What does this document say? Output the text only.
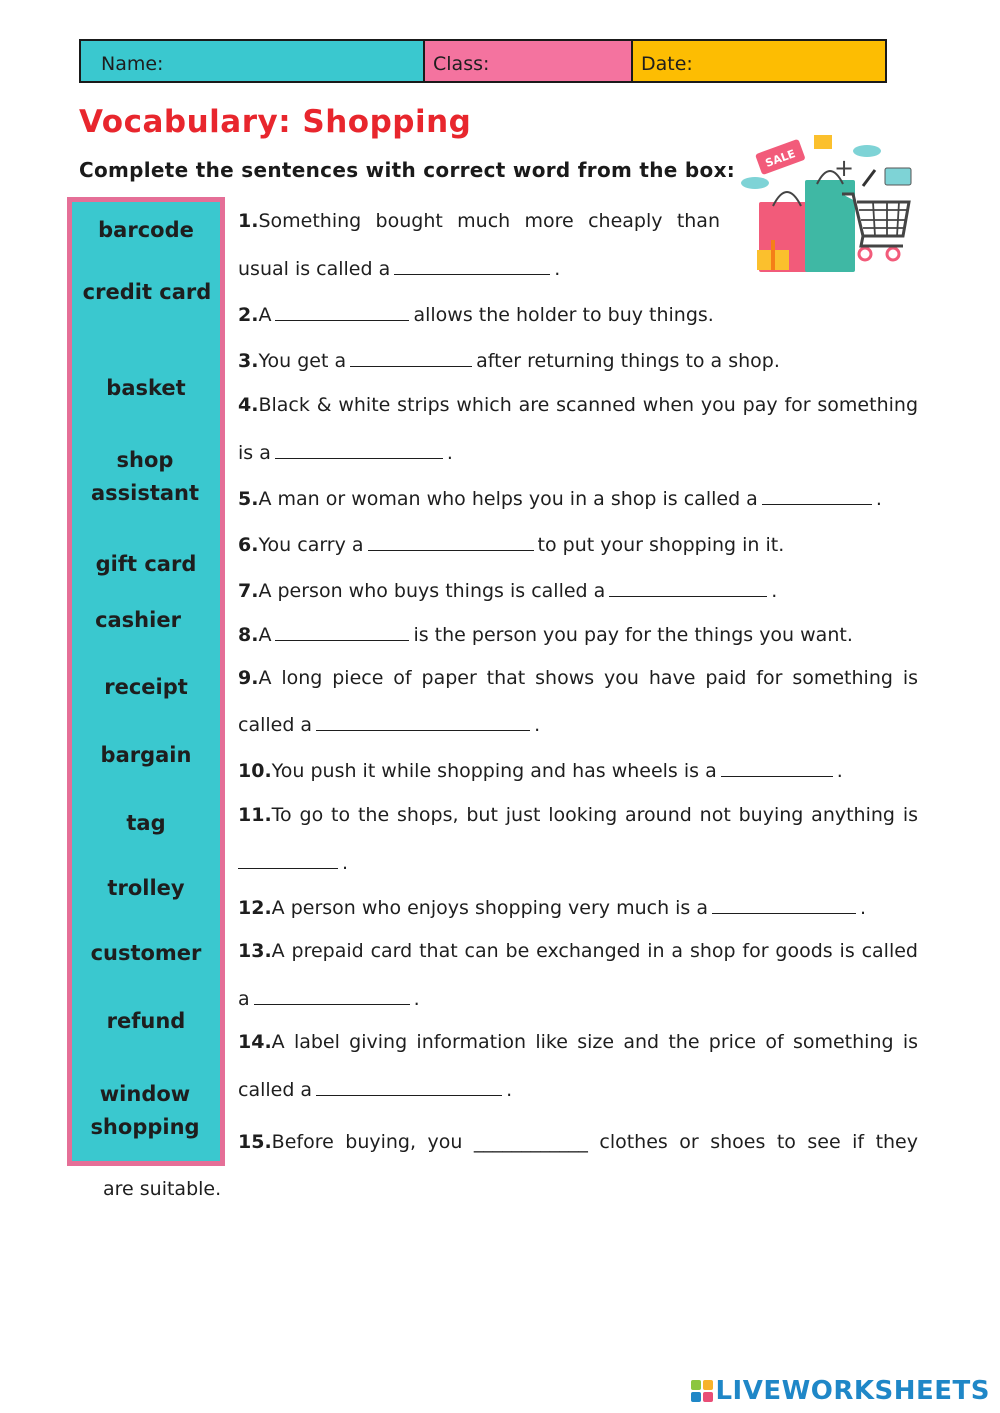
Name:	Class:	Date:
Vocabulary: Shopping
Complete the sentences with correct word from the box:	SALE +
barcode
credit card
basket
shop assistant
gift card
cashier
receipt
bargain
tag
trolley
customer
refund
window shopping
1.Something bought much more cheaply than
usual is called a	.
2.A	allows the holder to buy things.
3.You get a	after returning things to a shop.
4.Black & white strips which are scanned when you pay for something
is a	.
5.A man or woman who helps you in a shop is called a	.
6.You carry a	to put your shopping in it.
7.A person who buys things is called a	.
8.A	is the person you pay for the things you want.
9.A long piece of paper that shows you have paid for something is
called a	.
10.You push it while shopping and has wheels is a	.
11.To go to the shops, but just looking around not buying anything is
.
12.A person who enjoys shopping very much is a	.
13.A prepaid card that can be exchanged in a shop for goods is called
a	.
14.A label giving information like size and the price of something is
called a	.
15.Before buying, you ____________ clothes or shoes to see if they
are suitable.
LIVEWORKSHEETS
